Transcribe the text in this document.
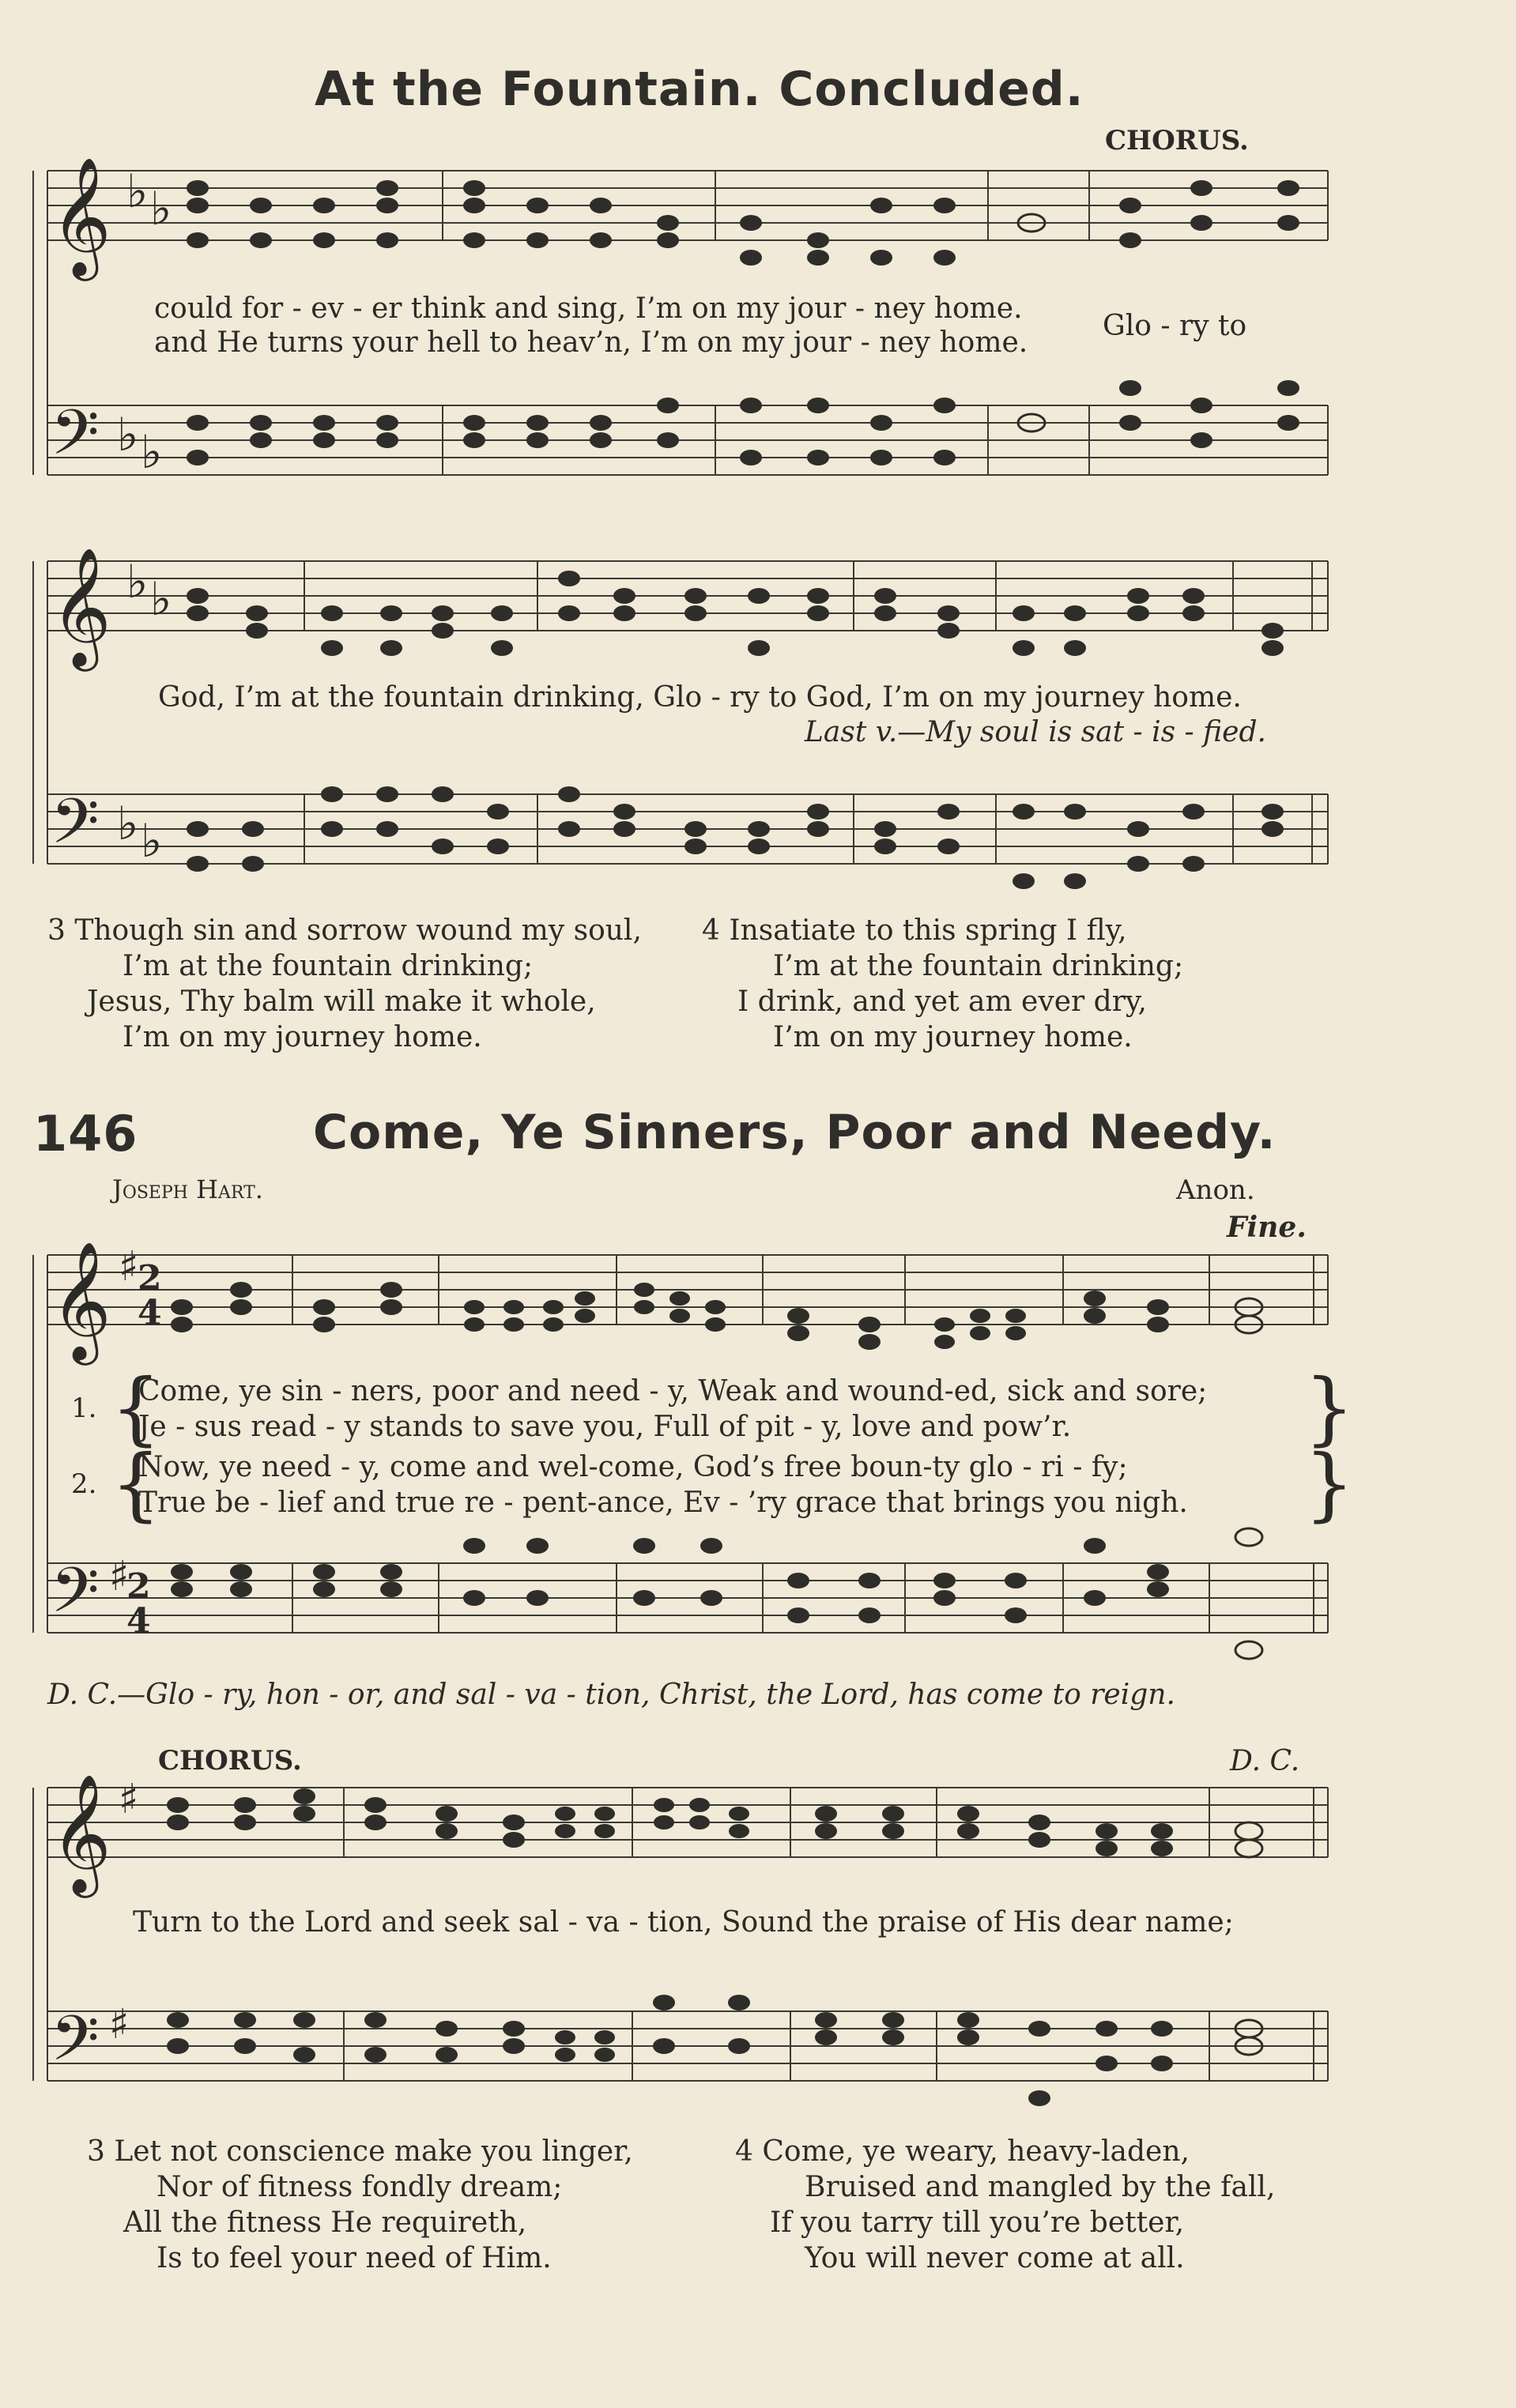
At the Fountain. Concluded.
CHORUS.
𝄞 ♭ ♭
𝄢 ♭ ♭
could for - ev - er think and sing, I’m on my jour - ney home.
and He turns your hell to heav’n, I’m on my jour - ney home.
Glo - ry to
𝄞 ♭ ♭
𝄢 ♭ ♭
God, I’m at the fountain drinking, Glo - ry to God, I’m on my journey home.
Last v.—My soul is sat - is - fied.
3 Though sin and sorrow wound my soul,
I’m at the fountain drinking;
Jesus, Thy balm will make it whole,
I’m on my journey home.
4 Insatiate to this spring I fly,
I’m at the fountain drinking;
I drink, and yet am ever dry,
I’m on my journey home.
146	Come, Ye Sinners, Poor and Needy.
Joseph Hart.	Anon.
Fine.
𝄞 ♯
2
4
𝄢 ♯
2
4
1. {
Come, ye sin - ners, poor and need - y, Weak and wound-ed, sick and sore;
Je - sus read - y stands to save you, Full of pit - y, love and pow’r.	}
2. {
Now, ye need - y, come and wel-come, God’s free boun-ty glo - ri - fy;
True be - lief and true re - pent-ance, Ev - ’ry grace that brings you nigh. }
D. C.—Glo - ry, hon - or, and sal - va - tion, Christ, the Lord, has come to reign.
CHORUS.	D. C.
𝄞 ♯
𝄢 ♯
Turn to the Lord and seek sal - va - tion, Sound the praise of His dear name;
3 Let not conscience make you linger,
Nor of fitness fondly dream;
All the fitness He requireth,
Is to feel your need of Him.
4 Come, ye weary, heavy-laden,
Bruised and mangled by the fall,
If you tarry till you’re better,
You will never come at all.
